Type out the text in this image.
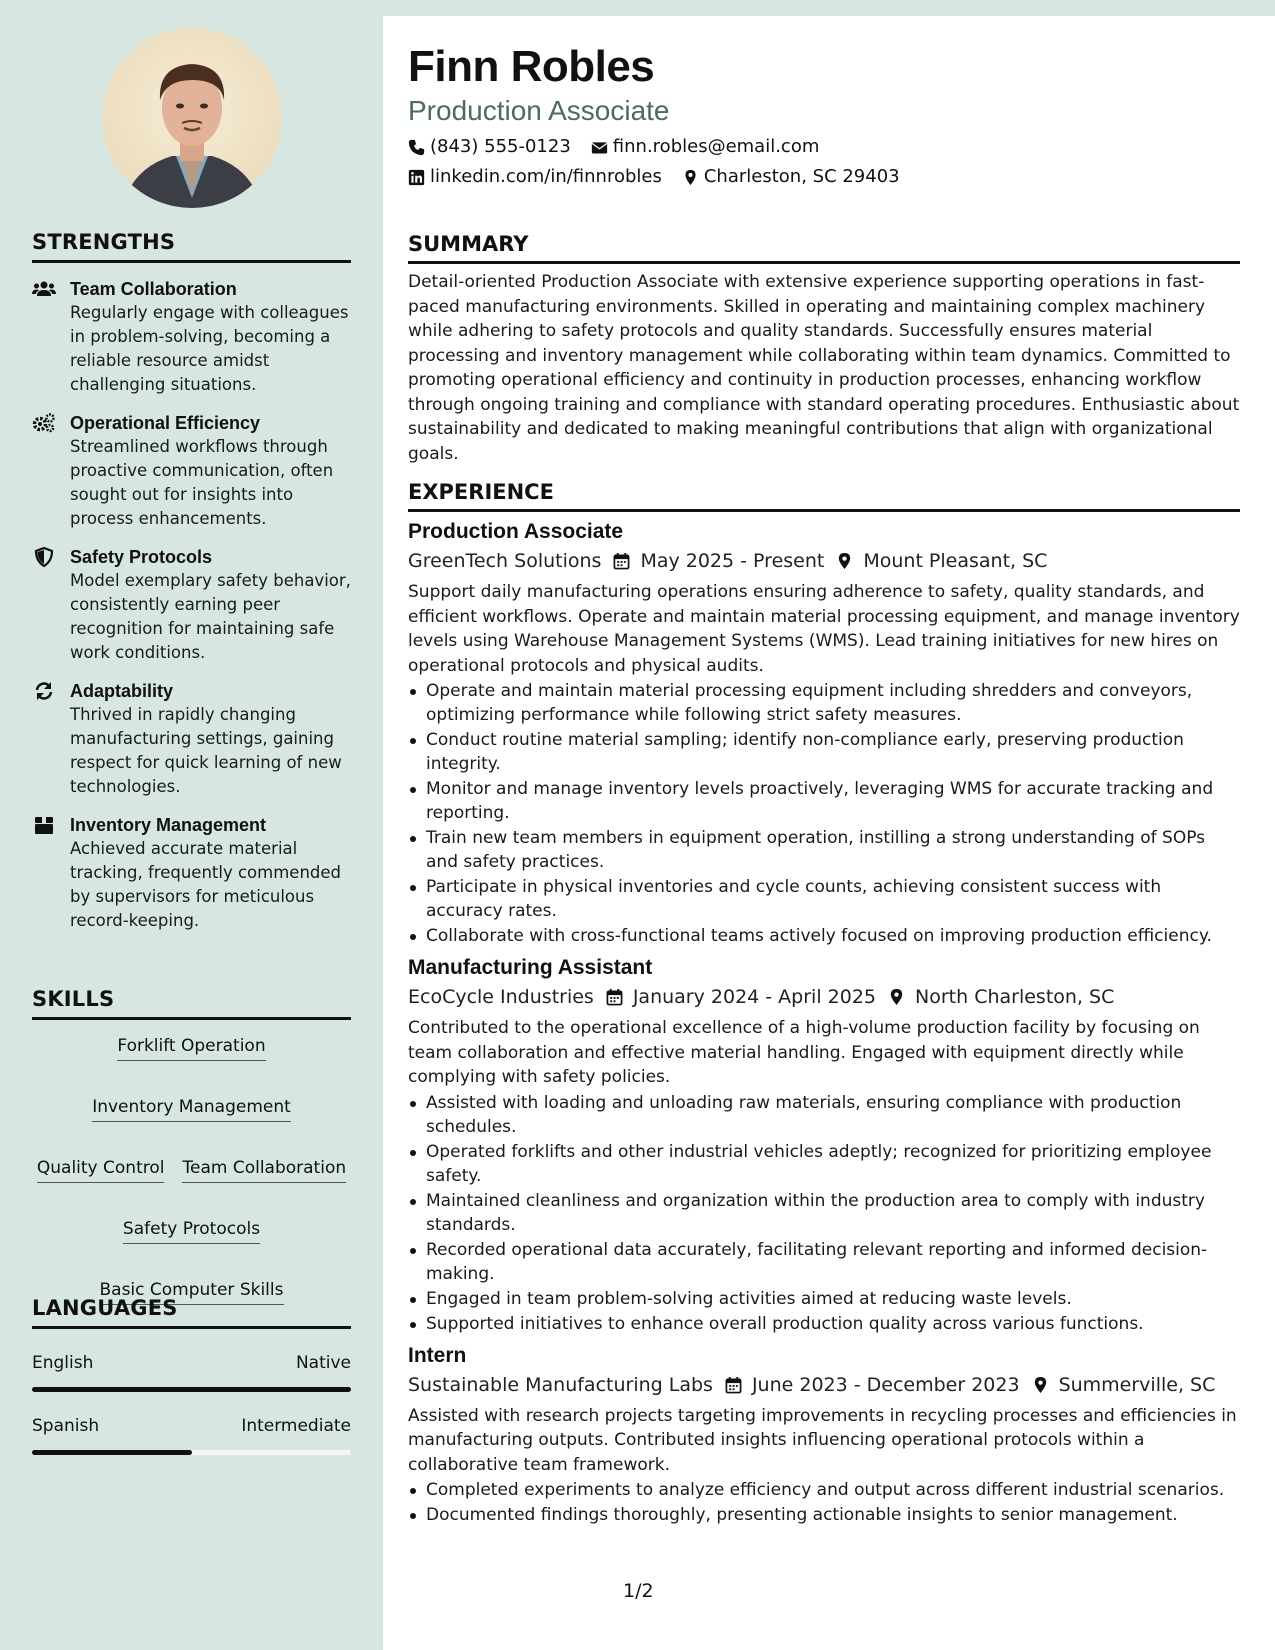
STRENGTHS
Team Collaboration
Regularly engage with colleagues in problem-solving, becoming a reliable resource amidst challenging situations.
Operational Efficiency
Streamlined workflows through proactive communication, often sought out for insights into process enhancements.
Safety Protocols
Model exemplary safety behavior, consistently earning peer recognition for maintaining safe work conditions.
Adaptability
Thrived in rapidly changing manufacturing settings, gaining respect for quick learning of new technologies.
Inventory Management
Achieved accurate material tracking, frequently commended by supervisors for meticulous record-keeping.
SKILLS
Forklift Operation
Inventory Management
Quality Control Team Collaboration
Safety Protocols
Basic Computer Skills
LANGUAGES
English	Native
Spanish	Intermediate
Finn Robles
Production Associate
(843) 555-0123 finn.robles@email.com
linkedin.com/in/finnrobles Charleston, SC 29403
SUMMARY
Detail-oriented Production Associate with extensive experience supporting operations in fast-paced manufacturing environments. Skilled in operating and maintaining complex machinery while adhering to safety protocols and quality standards. Successfully ensures material processing and inventory management while collaborating within team dynamics. Committed to promoting operational efficiency and continuity in production processes, enhancing workflow through ongoing training and compliance with standard operating procedures. Enthusiastic about sustainability and dedicated to making meaningful contributions that align with organizational goals.
EXPERIENCE
Production Associate
GreenTech Solutions May 2025 - Present Mount Pleasant, SC
Support daily manufacturing operations ensuring adherence to safety, quality standards, and efficient workflows. Operate and maintain material processing equipment, and manage inventory levels using Warehouse Management Systems (WMS). Lead training initiatives for new hires on operational protocols and physical audits.
Operate and maintain material processing equipment including shredders and conveyors, optimizing performance while following strict safety measures.
Conduct routine material sampling; identify non-compliance early, preserving production integrity.
Monitor and manage inventory levels proactively, leveraging WMS for accurate tracking and reporting.
Train new team members in equipment operation, instilling a strong understanding of SOPs and safety practices.
Participate in physical inventories and cycle counts, achieving consistent success with accuracy rates.
Collaborate with cross-functional teams actively focused on improving production efficiency.
Manufacturing Assistant
EcoCycle Industries January 2024 - April 2025 North Charleston, SC
Contributed to the operational excellence of a high-volume production facility by focusing on team collaboration and effective material handling. Engaged with equipment directly while complying with safety policies.
Assisted with loading and unloading raw materials, ensuring compliance with production schedules.
Operated forklifts and other industrial vehicles adeptly; recognized for prioritizing employee safety.
Maintained cleanliness and organization within the production area to comply with industry standards.
Recorded operational data accurately, facilitating relevant reporting and informed decision-making.
Engaged in team problem-solving activities aimed at reducing waste levels.
Supported initiatives to enhance overall production quality across various functions.
Intern
Sustainable Manufacturing Labs June 2023 - December 2023 Summerville, SC
Assisted with research projects targeting improvements in recycling processes and efficiencies in manufacturing outputs. Contributed insights influencing operational protocols within a collaborative team framework.
Completed experiments to analyze efficiency and output across different industrial scenarios.
Documented findings thoroughly, presenting actionable insights to senior management.
1/2
